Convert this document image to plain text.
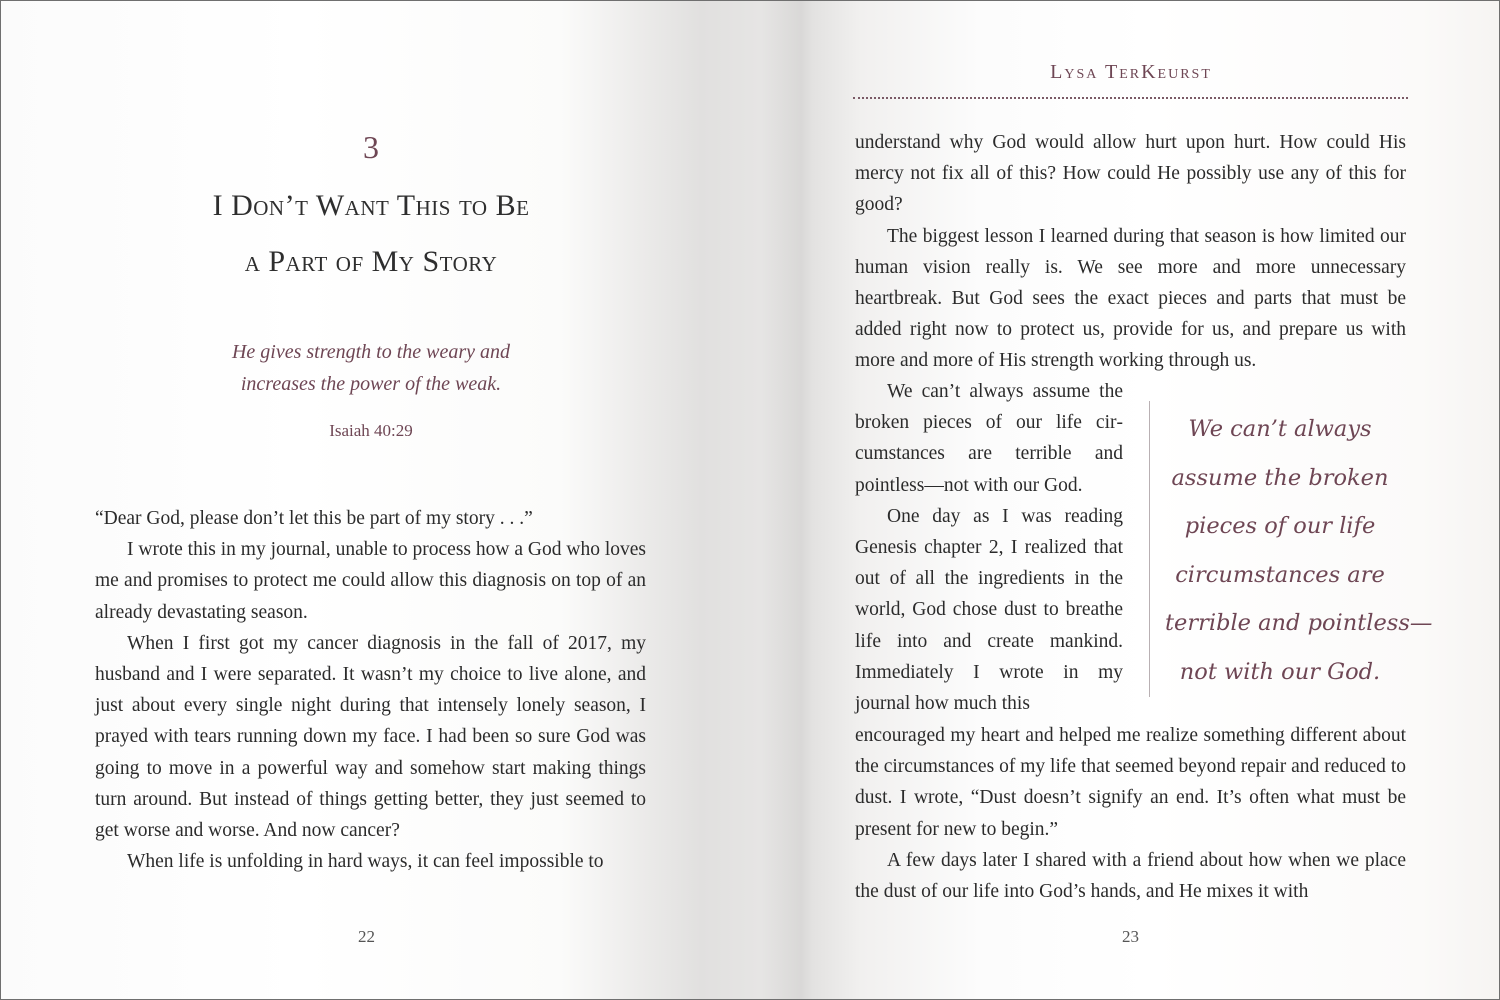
3
I Don’t Want This to Be
a Part of My Story
He gives strength to the weary and
increases the power of the weak.
Isaiah 40:29

“Dear God, please don’t let this be part of my story . . .”

I wrote this in my journal, unable to process how a God who loves me and promises to protect me could allow this diagnosis on top of an already devastating season.

When I first got my cancer diagnosis in the fall of 2017, my husband and I were separated. It wasn’t my choice to live alone, and just about every single night during that intensely lonely season, I prayed with tears running down my face. I had been so sure God was going to move in a powerful way and somehow start making things turn around. But instead of things getting better, they just seemed to get worse and worse. And now cancer?

When life is unfolding in hard ways, it can feel impossible to

22
Lysa TerKeurst

understand why God would allow hurt upon hurt. How could His mercy not fix all of this? How could He possibly use any of this for good?

The biggest lesson I learned during that season is how limited our human vision really is. We see more and more unnecessary heartbreak. But God sees the exact pieces and parts that must be added right now to protect us, provide for us, and prepare us with more and more of His strength working through us.

We can’t always assume the broken pieces of our life circumstances are terrible and pointless—not with our God.

One day as I was reading Genesis chapter 2, I realized that out of all the ingredients in the world, God chose dust to breathe life into and create mankind. Immediately I wrote in my journal how much this

We can’t always
assume the broken
pieces of our life
circumstances are
terrible and pointless—
not with our God.

encouraged my heart and helped me realize something different about the circumstances of my life that seemed beyond repair and reduced to dust. I wrote, “Dust doesn’t signify an end. It’s often what must be present for new to begin.”

A few days later I shared with a friend about how when we place the dust of our life into God’s hands, and He mixes it with

23
